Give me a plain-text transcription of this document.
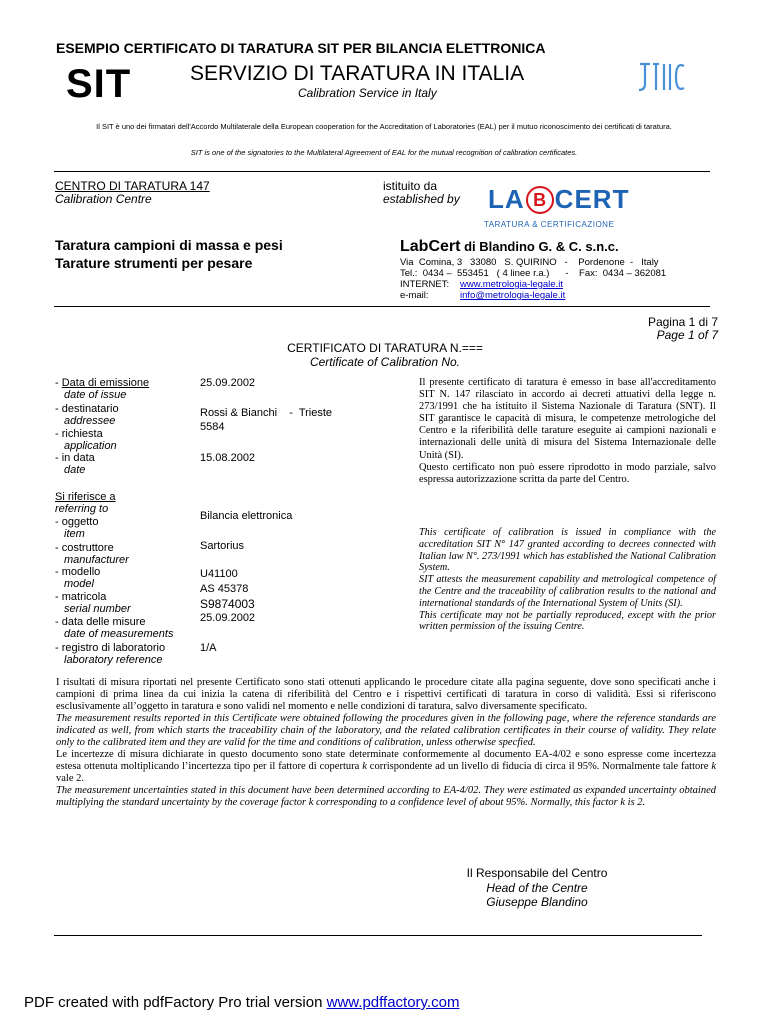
ESEMPIO CERTIFICATO DI TARATURA SIT PER BILANCIA ELETTRONICA
SIT	SERVIZIO DI TARATURA IN ITALIA
Calibration Service in Italy
Il SIT è uno dei firmatari dell'Accordo Multilaterale della European cooperation for the Accreditation of Laboratories (EAL) per il mutuo riconoscimento dei certificati di taratura.
SIT is one of the signatories to the Multilateral Agreement of EAL for the mutual recognition of calibration certificates.
CENTRO DI TARATURA 147
Calibration Centre
istituito da
established by LA B CERT
TARATURA & CERTIFICAZIONE
Taratura campioni di massa e pesi
Tarature strumenti per pesare
LabCert di Blandino G. & C. s.n.c.
Via  Comina, 3   33080   S. QUIRINO   -    Pordenone  -   Italy
Tel.:  0434 –  553451   ( 4 linee r.a.)      -    Fax:  0434 – 362081
INTERNET: www.metrologia-legale.it
e-mail:	info@metrologia-legale.it
Pagina 1 di 7
Page 1 of 7
CERTIFICATO DI TARATURA N.===
Certificate of Calibration No.
- Data di emissione
date of issue
25.09.2002
- destinatario
addressee
Rossi & Bianchi    -  Trieste
5584
- richiesta
application
- in data
date
15.08.2002
Si riferisce a
referring to
- oggetto
item
Bilancia elettronica
- costruttore
manufacturer
Sartorius
- modello
model
U41100
- matricola
serial number
AS 45378
S9874003
- data delle misure
date of measurements
25.09.2002
- registro di laboratorio
laboratory reference
1/A
Il presente certificato di taratura è emesso in base all'accreditamento SIT N. 147 rilasciato in accordo ai decreti attuativi della legge n. 273/1991 che ha istituito il Sistema Nazionale di Taratura (SNT). Il SIT garantisce le capacità di misura, le competenze metrologiche del Centro e la riferibilità delle tarature eseguite ai campioni nazionali e internazionali delle unità di misura del Sistema Internazionale delle Unità (SI).
Questo certificato non può essere riprodotto in modo parziale, salvo espressa autorizzazione scritta da parte del Centro.
This certificate of calibration is issued in compliance with the accreditation SIT N° 147 granted according to decrees connected with Italian law N°. 273/1991 which has established the National Calibration System.
SIT attests the measurement capability and metrological competence of the Centre and the traceability of calibration results to the national and international standards of the International System of Units (SI).
This certificate may not be partially reproduced, except with the prior written permission of the issuing Centre.
I risultati di misura riportati nel presente Certificato sono stati ottenuti applicando le procedure citate alla pagina seguente, dove sono specificati anche i campioni di prima linea da cui inizia la catena di riferibilità del Centro e i rispettivi certificati di taratura in corso di validità. Essi si riferiscono esclusivamente all’oggetto in taratura e sono validi nel momento e nelle condizioni di taratura, salvo diversamente specificato.
The measurement results reported in this Certificate were obtained following the procedures given in the following page, where the reference standards are indicated as well, from which starts the traceability chain of the laboratory, and the related calibration certificates in their course of validity. They relate only to the calibrated item and they are valid for the time and conditions of calibration, unless otherwise specfied.
Le incertezze di misura dichiarate in questo documento sono state determinate conformemente al documento EA-4/02 e sono espresse come incertezza estesa ottenuta moltiplicando l’incertezza tipo per il fattore di copertura k corrispondente ad un livello di fiducia di circa il 95%. Normalmente tale fattore k vale 2.
The measurement uncertainties stated in this document have been determined according to EA-4/02. They were estimated as expanded uncertainty obtained multiplying the standard uncertainty by the coverage factor k corresponding to a confidence level of about 95%. Normally, this factor k is 2.
Il Responsabile del Centro
Head of the Centre
Giuseppe Blandino
PDF created with pdfFactory Pro trial version www.pdffactory.com
